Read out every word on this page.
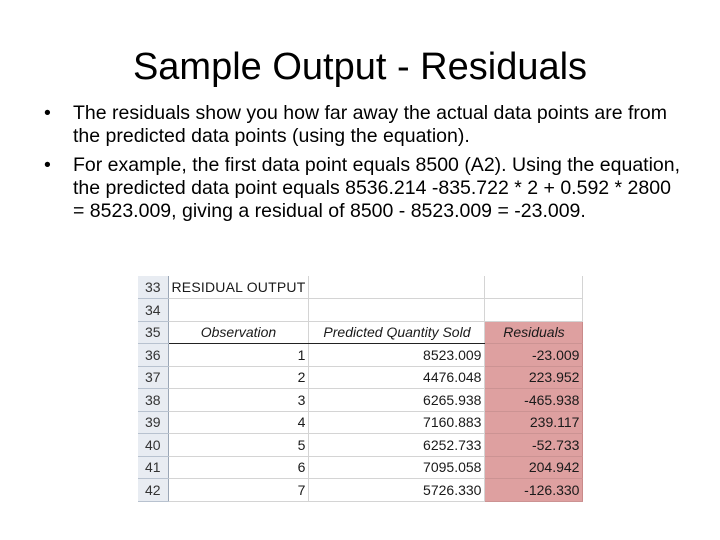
Sample Output - Residuals
• The residuals show you how far away the actual data points are from the predicted data points (using the equation).
• For example, the first data point equals 8500 (A2). Using the equation, the predicted data point equals 8536.214 -835.722 * 2 + 0.592 * 2800 = 8523.009, giving a residual of 8500 - 8523.009 = -23.009.
33	RESIDUAL OUTPUT		
34			
35	Observation	Predicted Quantity Sold	Residuals
36	1	8523.009	-23.009
37	2	4476.048	223.952
38	3	6265.938	-465.938
39	4	7160.883	239.117
40	5	6252.733	-52.733
41	6	7095.058	204.942
42	7	5726.330	-126.330
